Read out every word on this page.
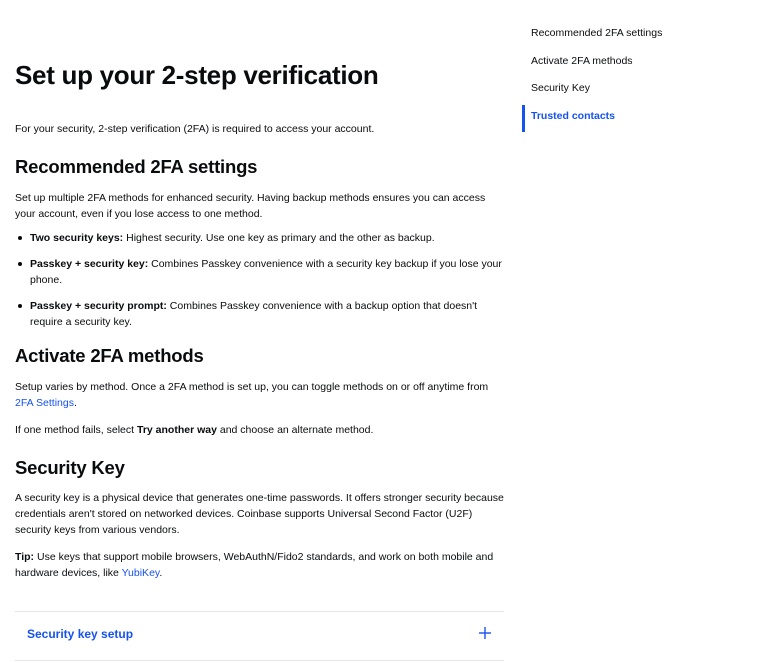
Set up your 2-step verification

For your security, 2-step verification (2FA) is required to access your account.

Recommended 2FA settings

Set up multiple 2FA methods for enhanced security. Having backup methods ensures you can access your account, even if you lose access to one method.

Two security keys: Highest security. Use one key as primary and the other as backup.
Passkey + security key: Combines Passkey convenience with a security key backup if you lose your phone.
Passkey + security prompt: Combines Passkey convenience with a backup option that doesn't require a security key.
Activate 2FA methods

Setup varies by method. Once a 2FA method is set up, you can toggle methods on or off anytime from 2FA Settings.

If one method fails, select Try another way and choose an alternate method.

Security Key

A security key is a physical device that generates one-time passwords. It offers stronger security because credentials aren't stored on networked devices. Coinbase supports Universal Second Factor (U2F) security keys from various vendors.

Tip: Use keys that support mobile browsers, WebAuthN/Fido2 standards, and work on both mobile and hardware devices, like YubiKey.

Security key setup
Recommended 2FA settings
Activate 2FA methods
Security Key
Trusted contacts
